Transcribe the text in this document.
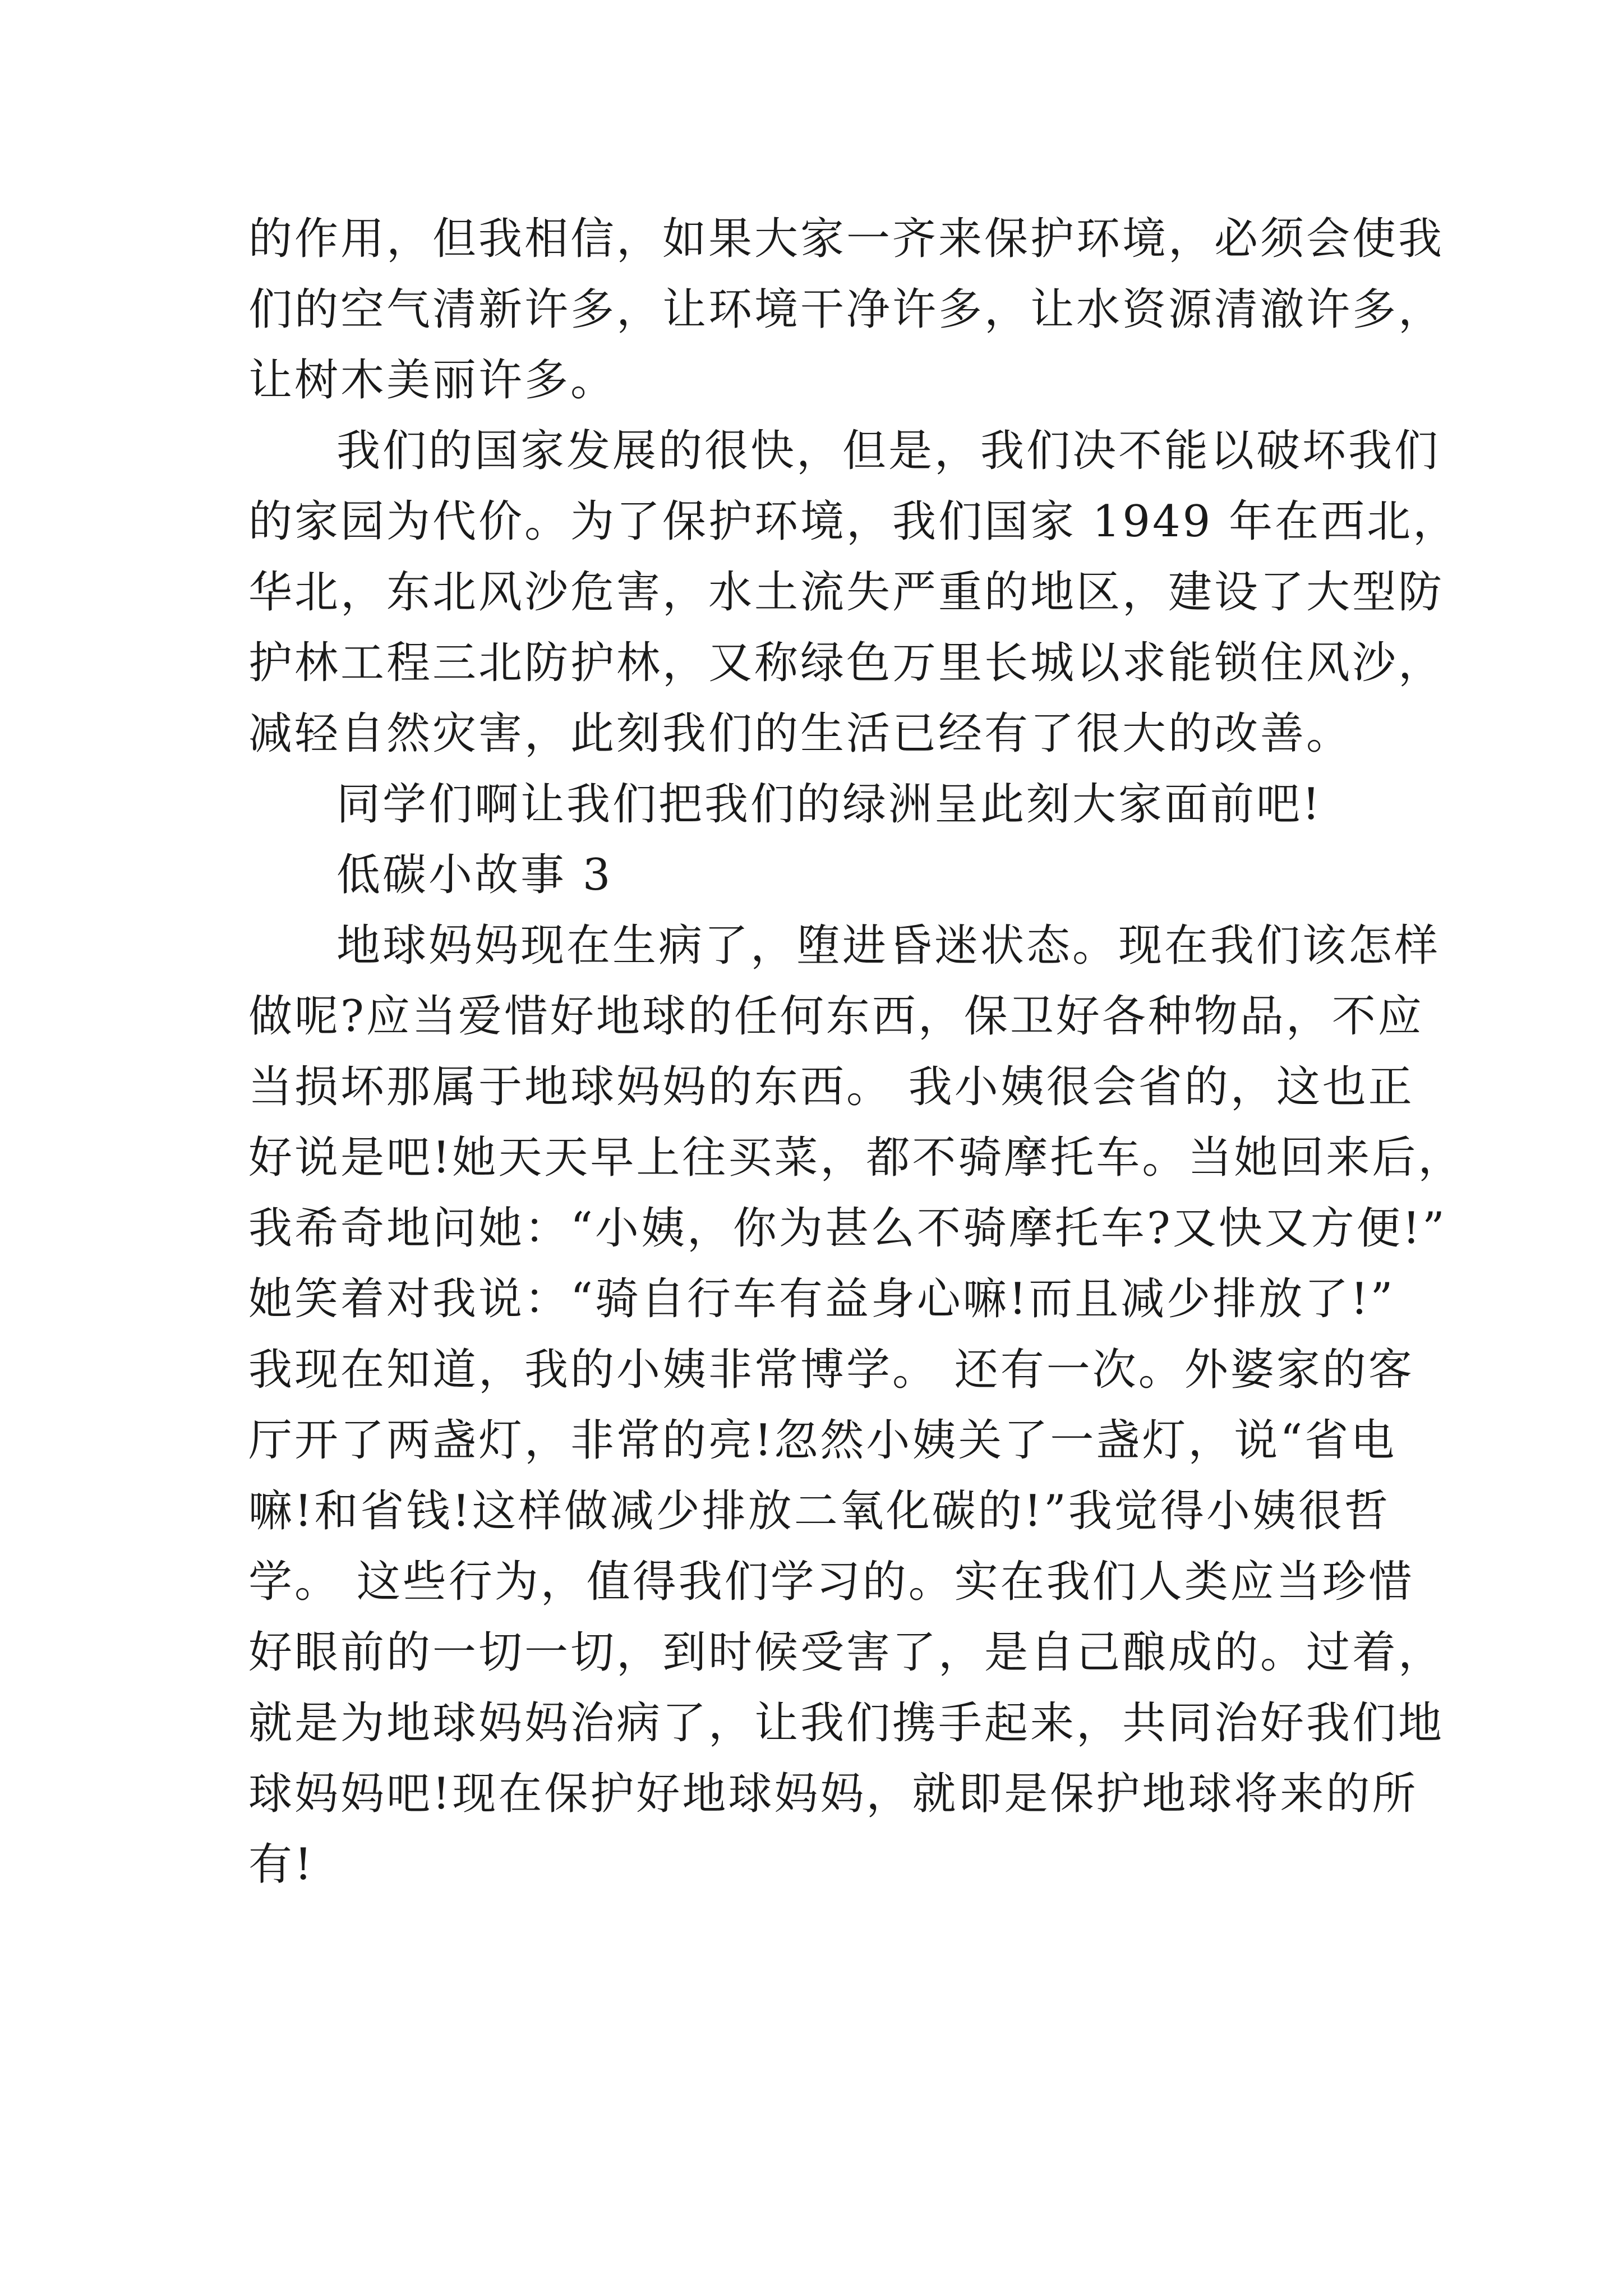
的作用，但我相信，如果大家一齐来保护环境，必须会使我
们的空气清新许多，让环境干净许多，让水资源清澈许多，
让树木美丽许多。
我们的国家发展的很快，但是，我们决不能以破坏我们
的家园为代价。为了保护环境，我们国家 1949 年在西北，
华北，东北风沙危害，水土流失严重的地区，建设了大型防
护林工程三北防护林，又称绿色万里长城以求能锁住风沙，
减轻自然灾害，此刻我们的生活已经有了很大的改善。
同学们啊让我们把我们的绿洲呈此刻大家面前吧!
低碳小故事 3
地球妈妈现在生病了，堕进昏迷状态。现在我们该怎样
做呢?应当爱惜好地球的任何东西，保卫好各种物品，不应
当损坏那属于地球妈妈的东西。 我小姨很会省的，这也正
好说是吧!她天天早上往买菜，都不骑摩托车。当她回来后，
我希奇地问她：“小姨，你为甚么不骑摩托车?又快又方便!”
她笑着对我说：“骑自行车有益身心嘛!而且减少排放了!”
我现在知道，我的小姨非常博学。 还有一次。外婆家的客
厅开了两盏灯，非常的亮!忽然小姨关了一盏灯，说“省电
嘛!和省钱!这样做减少排放二氧化碳的!”我觉得小姨很哲
学。 这些行为，值得我们学习的。实在我们人类应当珍惜
好眼前的一切一切，到时候受害了，是自己酿成的。过着，
就是为地球妈妈治病了，让我们携手起来，共同治好我们地
球妈妈吧!现在保护好地球妈妈，就即是保护地球将来的所
有!
